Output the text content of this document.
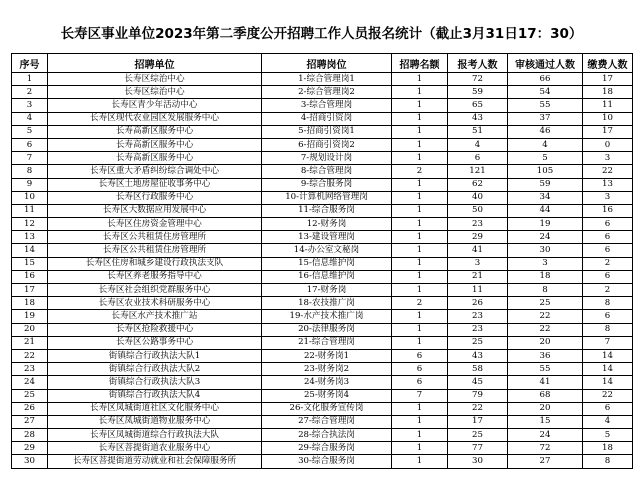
长寿区事业单位2023年第二季度公开招聘工作人员报名统计（截止3月31日17：30）
序号	招聘单位	招聘岗位	招聘名额	报考人数	审核通过人数	缴费人数
1	长寿区综治中心	1-综合管理岗1	1	72	66	17
2	长寿区综治中心	2-综合管理岗2	1	59	54	18
3	长寿区青少年活动中心	3-综合管理岗	1	65	55	11
4	长寿区现代农业园区发展服务中心	4-招商引资岗	1	43	37	10
5	长寿高新区服务中心	5-招商引资岗1	1	51	46	17
6	长寿高新区服务中心	6-招商引资岗2	1	4	4	0
7	长寿高新区服务中心	7-规划设计岗	1	6	5	3
8	长寿区重大矛盾纠纷综合调处中心	8-综合管理岗	2	121	105	22
9	长寿区土地房屋征收事务中心	9-综合服务岗	1	62	59	13
10	长寿区行政服务中心	10-计算机网络管理岗	1	40	34	3
11	长寿区大数据应用发展中心	11-综合服务岗	1	50	44	16
12	长寿区住房资金管理中心	12-财务岗	1	23	19	6
13	长寿区公共租赁住房管理所	13-建设管理岗	1	29	24	6
14	长寿区公共租赁住房管理所	14-办公室文秘岗	1	41	30	6
15	长寿区住房和城乡建设行政执法支队	15-信息维护岗	1	3	3	2
16	长寿区养老服务指导中心	16-信息维护岗	1	21	18	6
17	长寿区社会组织党群服务中心	17-财务岗	1	11	8	2
18	长寿区农业技术科研服务中心	18-农技推广岗	2	26	25	8
19	长寿区水产技术推广站	19-水产技术推广岗	1	23	22	6
20	长寿区抢险救援中心	20-法律服务岗	1	23	22	8
21	长寿区公路事务中心	21-综合管理岗	1	25	20	7
22	街镇综合行政执法大队1	22-财务岗1	6	43	36	14
23	街镇综合行政执法大队2	23-财务岗2	6	58	55	14
24	街镇综合行政执法大队3	24-财务岗3	6	45	41	14
25	街镇综合行政执法大队4	25-财务岗4	7	79	68	22
26	长寿区凤城街道社区文化服务中心	26-文化服务宣传岗	1	22	20	6
27	长寿区凤城街道物业服务中心	27-综合管理岗	1	17	15	4
28	长寿区凤城街道综合行政执法大队	28-综合执法岗	1	25	24	5
29	长寿区菩提街道农业服务中心	29-综合服务岗	1	77	72	18
30	长寿区菩提街道劳动就业和社会保障服务所	30-综合服务岗	1	30	27	8
